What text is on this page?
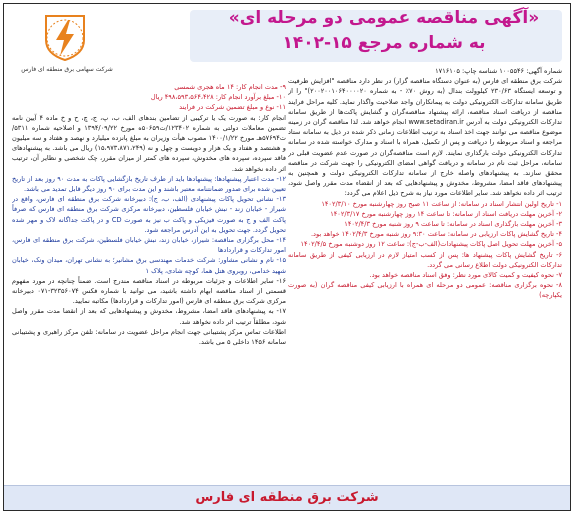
«آگهی مناقصه عمومی دو مرحله ای»
به شماره مرجع ۱۵-۱۴۰۲
شرکت سهامی برق منطقه ای فارس	شماره آگهی: ۱۰۰۵۵۴۶ شناسه چاپ: ۱۷۱۶۱۰۵

شرکت برق منطقه ای فارس (به عنوان دستگاه مناقصه گزار) در نظر دارد مناقصه "افزایش ظرفیت و توسعه ایستگاه ۲۳۰/۶۳ کیلوولت بندال (به روش ۷۰٪ - به شماره ۲۰۰۲۰۰۱۰۶۴۰۰۰۰۲۰)" را از طریق سامانه تدارکات الکترونیکی دولت به پیمانکاران واجد صلاحیت واگذار نماید. کلیه مراحل فرایند مناقصه از دریافت اسناد مناقصه، ارائه پیشنهاد مناقصه‌گران و گشایش پاکت‌ها از طریق سامانه تدارکات الکترونیکی دولت به آدرس www.setadiran.ir انجام خواهد شد. لذا مناقصه گران در زمینه موضوع مناقصه می توانند جهت اخذ اسناد به ترتیب اطلاعات زمانی ذکر شده در ذیل به سامانه ستاد مراجعه و اسناد مربوطه را دریافت و پس از تکمیل، همراه با اسناد و مدارک خواسته شده در سامانه تدارکات الکترونیکی دولت بارگذاری نمایند. لازم است مناقصه‌گران در صورت عدم عضویت قبلی در سامانه، مراحل ثبت نام در سامانه و دریافت گواهی امضای الکترونیکی را جهت شرکت در مناقصه محقق سازند. به پیشنهادهای واصله خارج از سامانه تدارکات الکترونیکی دولت و همچنین به پیشنهادهای فاقد امضا، مشروط، مخدوش و پیشنهادهایی که بعد از انقضاء مدت مقرر واصل شود، ترتیب اثر داده نخواهد شد. سایر اطلاعات مورد نیاز به شرح ذیل اعلام می گردد:

۱- تاریخ اولین انتشار اسناد در سامانه: از ساعت ۱۱ صبح روز چهارشنبه مورخ ۱۴۰۲/۳/۱۰

۲- آخرین مهلت دریافت اسناد از سامانه: تا ساعت ۱۴ روز چهارشنبه مورخ ۱۴۰۲/۳/۱۷

۳- آخرین مهلت بارگذاری اسناد در سامانه: تا ساعت ۹ روز شنبه مورخ ۱۴۰۲/۴/۳

۴- تاریخ گشایش پاکات ارزیابی در سامانه: ساعت ۹:۳۰ روز شنبه مورخ ۱۴۰۲/۴/۳ خواهد بود.

۵- آخرین مهلت تحویل اصل پاکات پیشنهادات(الف-ب-ج): ساعت ۱۲ روز دوشنبه مورخ ۱۴۰۲/۴/۵

۶- تاریخ گشایش پاکات پیشنهاد ها: پس از کسب امتیاز لازم در ارزیابی کیفی از طریق سامانه تدارکات الکترونیکی دولت اطلاع رسانی می گردد.

۷- نحوه کیفیت و کمیت کالای مورد نظر: وفق اسناد مناقصه خواهد بود.

۸- نحوه برگزاری مناقصه: عمومی دو مرحله ای همراه با ارزیابی کیفی مناقصه گران (به صورت یکپارچه)

۹- مدت انجام کار: ۱۴ ماه هجری شمسی

۱۰- مبلغ برآورد انجام کار: ۴۹۸،۵۹۳،۵۶۴،۴۲۸ ریال

۱۱- نوع و مبلغ تضمین شرکت در فرایند

انجام کار: به صورت یک یا ترکیبی از تضامین بندهای الف، ب، پ، ج، چ، ح و خ ماده ۴ آیین نامه تضمین معاملات دولتی به شماره ۱۲۳۴۰۲/ت۵۰۶۵۹ه مورخ ۱۳۹۴/۰۹/۲۲ و اصلاحیه شماره ۵۳۱۱/ت۵۷۶۹۴هـ مورخ ۱۴۰۰/۱/۲۲ مصوب هیأت وزیران به مبلغ پانزده میلیارد و نهصد و هفتاد و سه میلیون و هشتصد و هفتاد و یک هزار و دویست و چهل و نه (۱۵،۹۷۳،۸۷۱،۲۴۹) ریال می باشد. به پیشنهادهای فاقد سپرده، سپرده های مخدوش، سپرده های کمتر از میزان مقرر، چک شخصی و نظایر آن، ترتیب اثر داده نخواهد شد.

۱۲- مدت اعتبار پیشنهادها: پیشنهادها باید از طرف تاریخ بازگشایی پاکات به مدت ۹۰ روز بعد از تاریخ تعیین شده برای صدور ضمانتنامه معتبر باشند و این مدت برای ۹۰ روز دیگر قابل تمدید می باشد.

۱۳- نشانی تحویل پاکات پیشنهادی (الف، ب، ج): دبیرخانه شرکت برق منطقه ای فارس، واقع در شیراز - خیابان زند - نبش خیابان فلسطین، دبیرخانه مرکزی شرکت برق منطقه ای فارس که صرفاً پاکت الف و ج به صورت فیزیکی و پاکت ب نیز به صورت CD و در پاکت جداگانه لاک و مهر شده تحویل گردد. جهت تحویل به این آدرس مراجعه شود.

۱۴- محل برگزاری مناقصه: شیراز، خیابان زند، نبش خیابان فلسطین، شرکت برق منطقه ای فارس، امور تدارکات و قراردادها

۱۵- نام و نشانی مشاور: شرکت خدمات مهندسی برق مشانیر؛ به نشانی تهران، میدان ونک، خیابان شهید خدامی، روبروی هتل هما، کوچه شادی، پلاک ۱

۱۶- سایر اطلاعات و جزئیات مربوطه در اسناد مناقصه مندرج است. ضمناً چنانچه در مورد مفهوم قسمتی از اسناد مناقصه ابهام داشته باشید، می توانید با شماره فکس ۳۲۳۵۶۰۷۴-۰۷۱ دبیرخانه مرکزی شرکت برق منطقه ای فارس (امور تدارکات و قراردادها) مکاتبه نمایید.

۱۷- به پیشنهادهای فاقد امضا، مشروط، مخدوش و پیشنهادهایی که بعد از انقضا مدت مقرر واصل شود، مطلقاً ترتیب اثر داده نخواهد شد.

اطلاعات تماس مرکز پشتیبانی جهت انجام مراحل عضویت در سامانه: تلفن مرکز راهبری و پشتیبانی سامانه ۱۴۵۶ داخلی ۵ می باشد.

شرکت برق منطقه ای فارس
